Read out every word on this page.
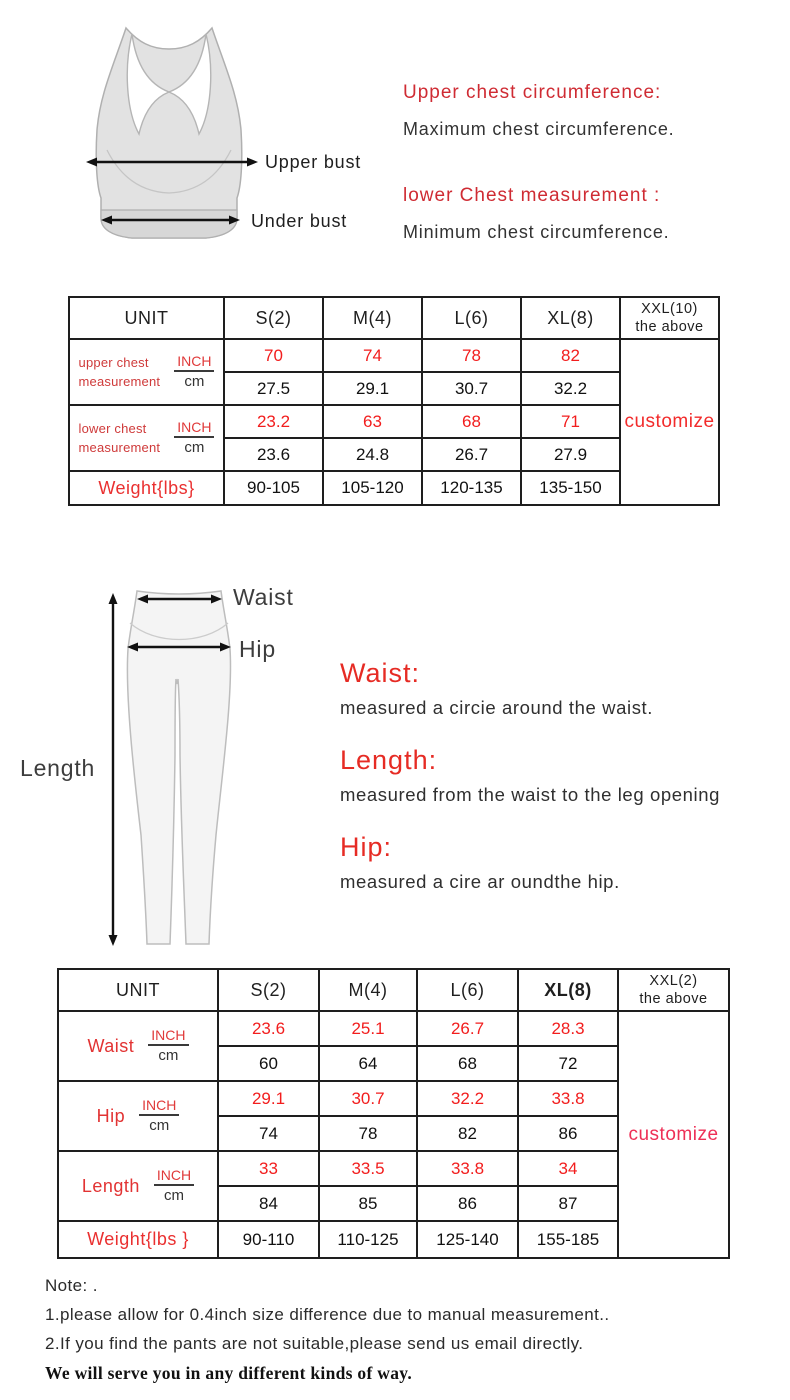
Upper bust
Under bust
Upper chest circumference:
Maximum chest circumference.
lower Chest measurement :
Minimum chest circumference.
UNIT	S(2)	M(4)	L(6)	XL(8)	XXL(10)
the above

upper chest
measurement $\frac{\text{INCH}}{cm}$	70	74	78	82	customize
	27.5	29.1	30.7	32.2	

lower chest
measurement $\frac{\text{INCH}}{cm}$	23.2	63	68	71	
	23.6	24.8	26.7	27.9	
Weight{lbs}	90-105	105-120	120-135	135-150	
Waist
Hip
Length
Waist:
measured a circie around the waist.
Length:
measured from the waist to the leg opening
Hip:
measured a cire ar oundthe hip.
UNIT	S(2)	M(4)	L(6)	XL(8)	XXL(2)
the above

Waist $\frac{\text{INCH}}{cm}$	23.6	25.1	26.7	28.3	customize
	60	64	68	72	

Hip $\frac{\text{INCH}}{cm}$	29.1	30.7	32.2	33.8	
	74	78	82	86	

Length $\frac{\text{INCH}}{cm}$	33	33.5	33.8	34	
	84	85	86	87	
Weight{lbs }	90-110	110-125	125-140	155-185	
Note: .
1.please allow for 0.4inch size difference due to manual measurement..
2.If you find the pants are not suitable,please send us email directly.
We will serve you in any different kinds of way.
